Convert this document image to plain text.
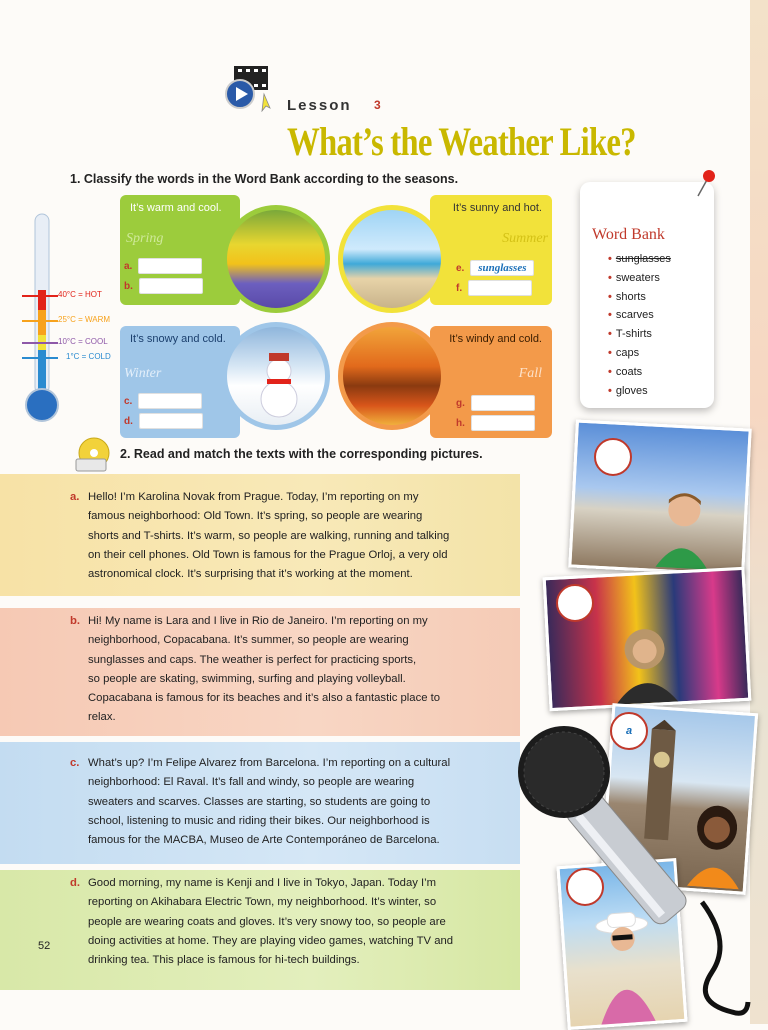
Lesson 3
What’s the Weather Like?
1. Classify the words in the Word Bank according to the seasons.
40°C = HOT
25°C = WARM
10°C = COOL
1°C = COLD
It’s warm and cool.
Spring
a.
b.
It’s sunny and hot.
Summer
e.	sunglasses
f.
It’s snowy and cold.
Winter
c.
d.
It’s windy and cold.
Fall
g.
h.
Word Bank
• sunglasses
• sweaters
• shorts
• scarves
• T-shirts
• caps
• coats
• gloves
2. Read and match the texts with the corresponding pictures.
a. Hello! I’m Karolina Novak from Prague. Today, I’m reporting on my
famous neighborhood: Old Town. It’s spring, so people are wearing
shorts and T-shirts. It’s warm, so people are walking, running and talking
on their cell phones. Old Town is famous for the Prague Orloj, a very old
astronomical clock. It’s surprising that it’s working at the moment.
b. Hi! My name is Lara and I live in Rio de Janeiro. I’m reporting on my
neighborhood, Copacabana. It’s summer, so people are wearing
sunglasses and caps. The weather is perfect for practicing sports,
so people are skating, swimming, surfing and playing volleyball.
Copacabana is famous for its beaches and it’s also a fantastic place to
relax.
c. What’s up? I’m Felipe Alvarez from Barcelona. I’m reporting on a cultural
neighborhood: El Raval. It’s fall and windy, so people are wearing
sweaters and scarves. Classes are starting, so students are going to
school, listening to music and riding their bikes. Our neighborhood is
famous for the MACBA, Museo de Arte Contemporáneo de Barcelona.
d. Good morning, my name is Kenji and I live in Tokyo, Japan. Today I’m
reporting on Akihabara Electric Town, my neighborhood. It’s winter, so
people are wearing coats and gloves. It’s very snowy too, so people are
doing activities at home. They are playing video games, watching TV and
drinking tea. This place is famous for hi-tech buildings.
a
52
